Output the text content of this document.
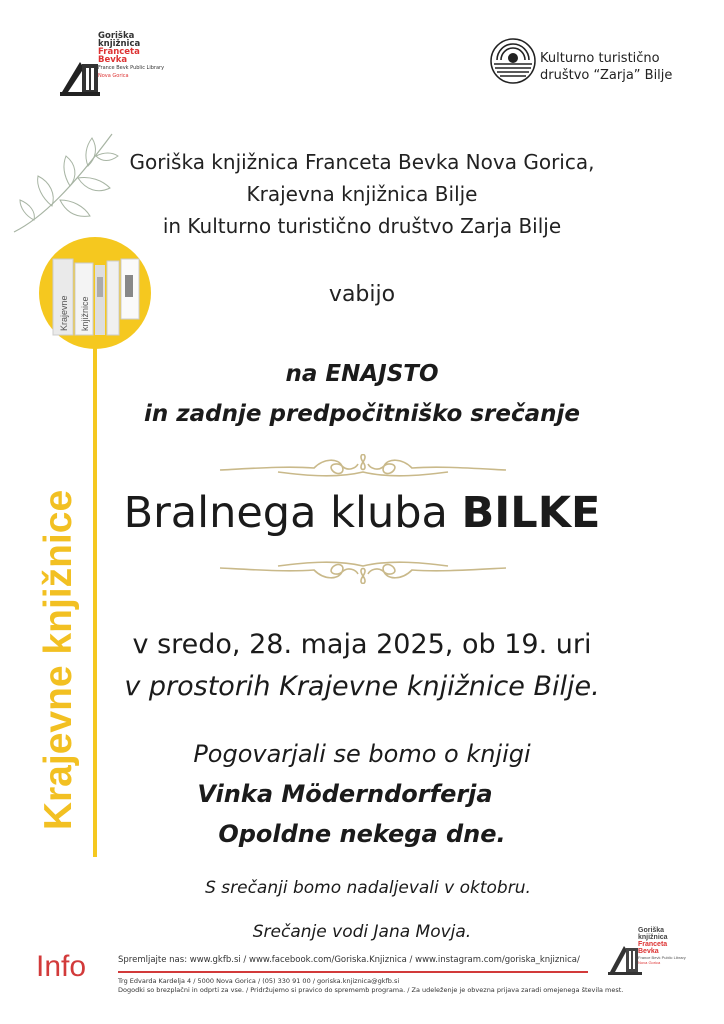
Goriška
knjižnica
Franceta
Bevka
France Bevk Public Library
Nova Gorica
Kulturno turistično
društvo “Zarja” Bilje
Krajevne knjižnice
Krajevne knjižnice
Goriška knjižnica Franceta Bevka Nova Gorica,
Krajevna knjižnica Bilje
in Kulturno turistično društvo Zarja Bilje
vabijo
na ENAJSTO
in zadnje predpočitniško srečanje
Bralnega kluba BILKE
v sredo, 28. maja 2025, ob 19. uri
v prostorih Krajevne knjižnice Bilje.
Pogovarjali se bomo o knjigi
Vinka Möderndorferja
Opoldne nekega dne.
S srečanji bomo nadaljevali v oktobru.
Srečanje vodi Jana Movja.
Info	Spremljajte nas: www.gkfb.si / www.facebook.com/Goriska.Knjiznica / www.instagram.com/goriska_knjiznica/
Trg Edvarda Kardelja 4 / 5000 Nova Gorica / (05) 330 91 00 / goriska.knjiznica@gkfb.si
Dogodki so brezplačni in odprti za vse. / Pridržujemo si pravico do sprememb programa. / Za udeleženje je obvezna prijava zaradi omejenega števila mest.
Goriška
knjižnica
Franceta
Bevka
France Bevk Public Library
Nova Gorica
